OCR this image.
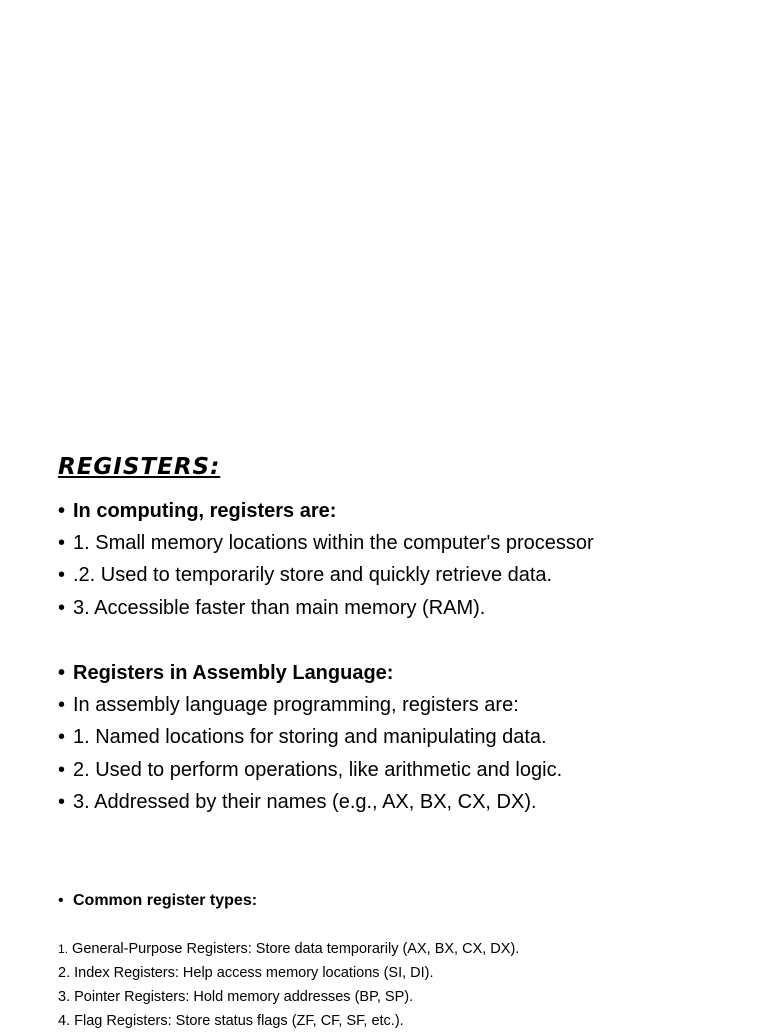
REGISTERS:
• In computing, registers are:
• 1. Small memory locations within the computer's processor
• .2. Used to temporarily store and quickly retrieve data.
• 3. Accessible faster than main memory (RAM).
• Registers in Assembly Language:
• In assembly language programming, registers are:
• 1. Named locations for storing and manipulating data.
• 2. Used to perform operations, like arithmetic and logic.
• 3. Addressed by their names (e.g., AX, BX, CX, DX).
• Common register types:
1. General-Purpose Registers: Store data temporarily (AX, BX, CX, DX).
2. Index Registers: Help access memory locations (SI, DI).
3. Pointer Registers: Hold memory addresses (BP, SP).
4. Flag Registers: Store status flags (ZF, CF, SF, etc.).
